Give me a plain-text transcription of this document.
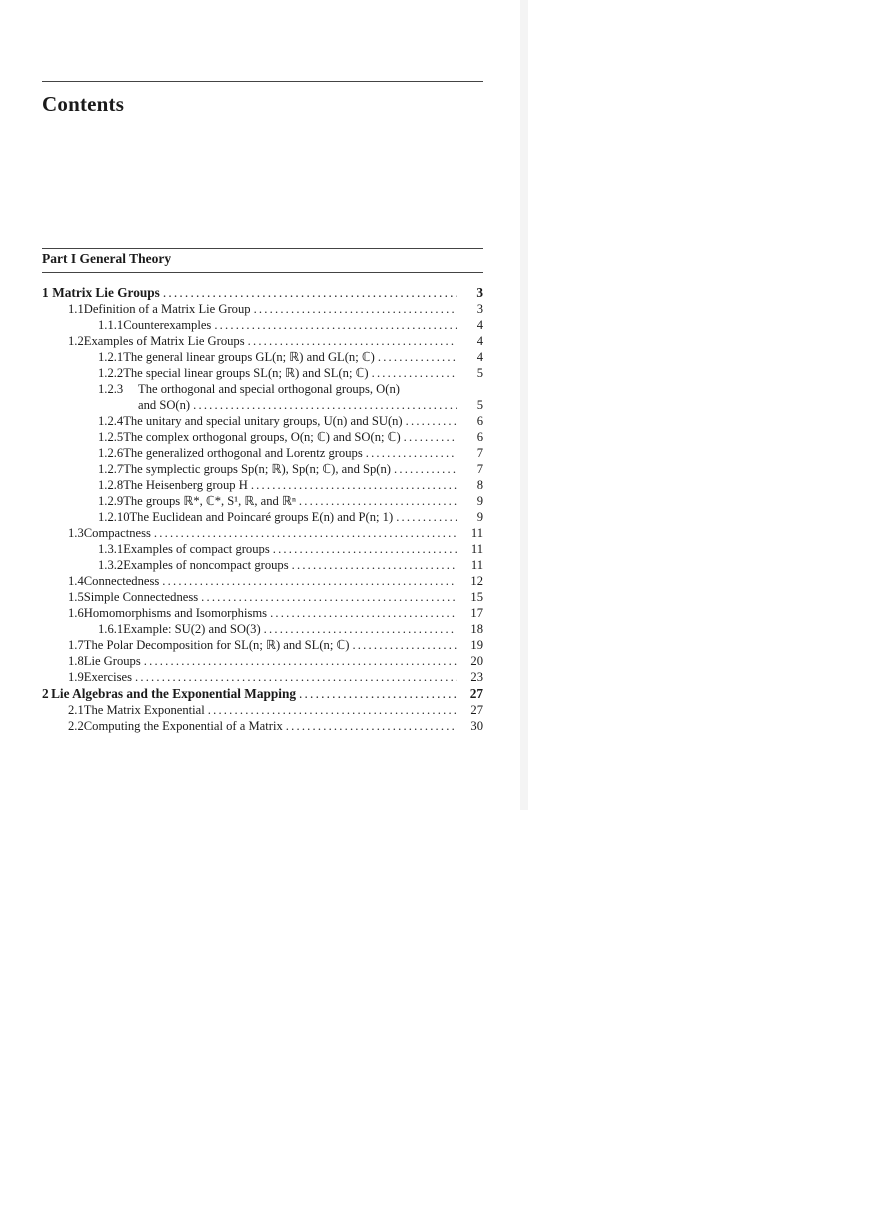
Contents
Part I General Theory
1 Matrix Lie Groups .....	3
1.1 Definition of a Matrix Lie Group .....	3
1.1.1 Counterexamples .....	4
1.2 Examples of Matrix Lie Groups .....	4
1.2.1 The general linear groups GL(n; ℝ) and GL(n; ℂ) .....	4
1.2.2 The special linear groups SL(n; ℝ) and SL(n; ℂ) .....	5
1.2.3	The orthogonal and special orthogonal groups, O(n)
and SO(n) .....	5
1.2.4 The unitary and special unitary groups, U(n) and SU(n) .....	6
1.2.5 The complex orthogonal groups, O(n; ℂ) and SO(n; ℂ) .....	6
1.2.6 The generalized orthogonal and Lorentz groups .....	7
1.2.7 The symplectic groups Sp(n; ℝ), Sp(n; ℂ), and Sp(n) .....	7
1.2.8 The Heisenberg group H .....	8
1.2.9 The groups ℝ*, ℂ*, S¹, ℝ, and ℝⁿ .....	9
1.2.10 The Euclidean and Poincaré groups E(n) and P(n; 1) .....	9
1.3 Compactness .....	11
1.3.1 Examples of compact groups .....	11
1.3.2 Examples of noncompact groups .....	11
1.4 Connectedness .....	12
1.5 Simple Connectedness .....	15
1.6 Homomorphisms and Isomorphisms .....	17
1.6.1 Example: SU(2) and SO(3) .....	18
1.7 The Polar Decomposition for SL(n; ℝ) and SL(n; ℂ) .....	19
1.8 Lie Groups .....	20
1.9 Exercises .....	23
2 Lie Algebras and the Exponential Mapping .....	27
2.1 The Matrix Exponential .....	27
2.2 Computing the Exponential of a Matrix .....	30
